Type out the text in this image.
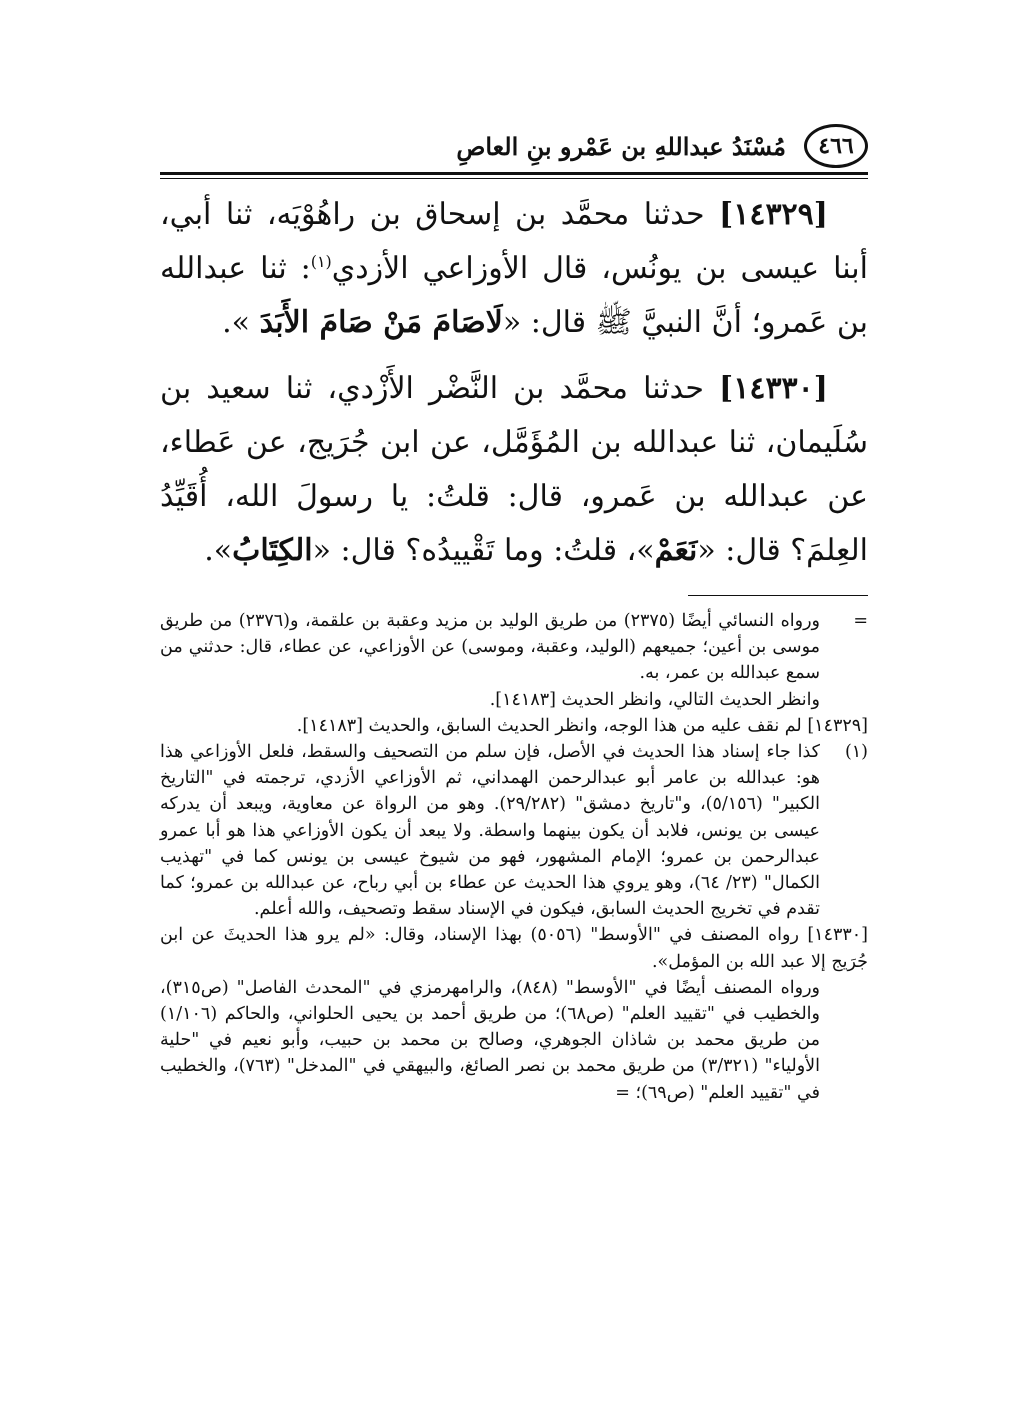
٤٦٦
مُسْنَدُ عبداللهِ بن عَمْرو بنِ العاصِ

[١٤٣٢٩] حدثنا محمَّد بن إسحاق بن راهُوْيَه، ثنا أبي، أبنا عيسى بن يونُس، قال الأوزاعي الأزدي$^{(١)}$: ثنا عبدالله بن عَمرو؛ أنَّ النبيَّ ﷺ قال: «لَاصَامَ مَنْ صَامَ الأَبَدَ ».

[١٤٣٣٠] حدثنا محمَّد بن النَّضْر الأَزْدي، ثنا سعيد بن سُلَيمان، ثنا عبدالله بن المُؤَمَّل، عن ابن جُرَيج، عن عَطاء، عن عبدالله بن عَمرو، قال: قلتُ: يا رسولَ الله، أُقَيِّدُ العِلمَ؟ قال: «نَعَمْ»، قلتُ: وما تَقْييدُه؟ قال: «الكِتَابُ».

=
ورواه النسائي أيضًا (٢٣٧٥) من طريق الوليد بن مزيد وعقبة بن علقمة، و(٢٣٧٦) من طريق موسى بن أعين؛ جميعهم (الوليد، وعقبة، وموسى) عن الأوزاعي، عن عطاء، قال: حدثني من سمع عبدالله بن عمر، به.
وانظر الحديث التالي، وانظر الحديث [١٤١٨٣].
[١٤٣٢٩] لم نقف عليه من هذا الوجه، وانظر الحديث السابق، والحديث [١٤١٨٣].
(١)
كذا جاء إسناد هذا الحديث في الأصل، فإن سلم من التصحيف والسقط، فلعل الأوزاعي هذا هو: عبدالله بن عامر أبو عبدالرحمن الهمداني، ثم الأوزاعي الأزدي، ترجمته في "التاريخ الكبير" (٥/١٥٦)، و"تاريخ دمشق" (٢٩/٢٨٢). وهو من الرواة عن معاوية، ويبعد أن يدركه عيسى بن يونس، فلابد أن يكون بينهما واسطة. ولا يبعد أن يكون الأوزاعي هذا هو أبا عمرو عبدالرحمن بن عمرو؛ الإمام المشهور، فهو من شيوخ عيسى بن يونس كما في "تهذيب الكمال" (٢٣/ ٦٤)، وهو يروي هذا الحديث عن عطاء بن أبي رباح، عن عبدالله بن عمرو؛ كما تقدم في تخريج الحديث السابق، فيكون في الإسناد سقط وتصحيف، والله أعلم.
[١٤٣٣٠] رواه المصنف في "الأوسط" (٥٠٥٦) بهذا الإسناد، وقال: «لم يرو هذا الحديثَ عن ابن جُرَيج إلا عبد الله بن المؤمل».
ورواه المصنف أيضًا في "الأوسط" (٨٤٨)، والرامهرمزي في "المحدث الفاصل" (ص٣١٥)، والخطيب في "تقييد العلم" (ص٦٨)؛ من طريق أحمد بن يحيى الحلواني، والحاكم (١/١٠٦) من طريق محمد بن شاذان الجوهري، وصالح بن محمد بن حبيب، وأبو نعيم في "حلية الأولياء" (٣/٣٢١) من طريق محمد بن نصر الصائغ، والبيهقي في "المدخل" (٧٦٣)، والخطيب في "تقييد العلم" (ص٦٩)؛ =
